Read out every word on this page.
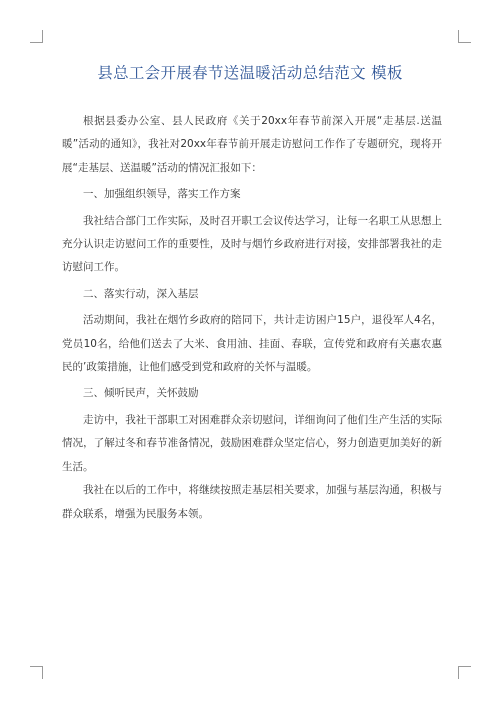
县总工会开展春节送温暖活动总结范文 模板

根据县委办公室、县人民政府《关于20xx年春节前深入开展“走基层.送温暖”活动的通知》，我社对20xx年春节前开展走访慰问工作作了专题研究，现将开展“走基层、送温暖”活动的情况汇报如下：

一、加强组织领导，落实工作方案

我社结合部门工作实际，及时召开职工会议传达学习，让每一名职工从思想上充分认识走访慰问工作的重要性，及时与烟竹乡政府进行对接，安排部署我社的走访慰问工作。

二、落实行动，深入基层

活动期间，我社在烟竹乡政府的陪同下，共计走访困户15户，退役军人4名，党员10名，给他们送去了大米、食用油、挂面、春联，宣传党和政府有关惠农惠民的’政策措施，让他们感受到党和政府的关怀与温暖。

三、倾听民声，关怀鼓励

走访中，我社干部职工对困难群众亲切慰问，详细询问了他们生产生活的实际情况，了解过冬和春节准备情况，鼓励困难群众坚定信心，努力创造更加美好的新生活。

我社在以后的工作中，将继续按照走基层相关要求，加强与基层沟通，积极与群众联系，增强为民服务本领。
